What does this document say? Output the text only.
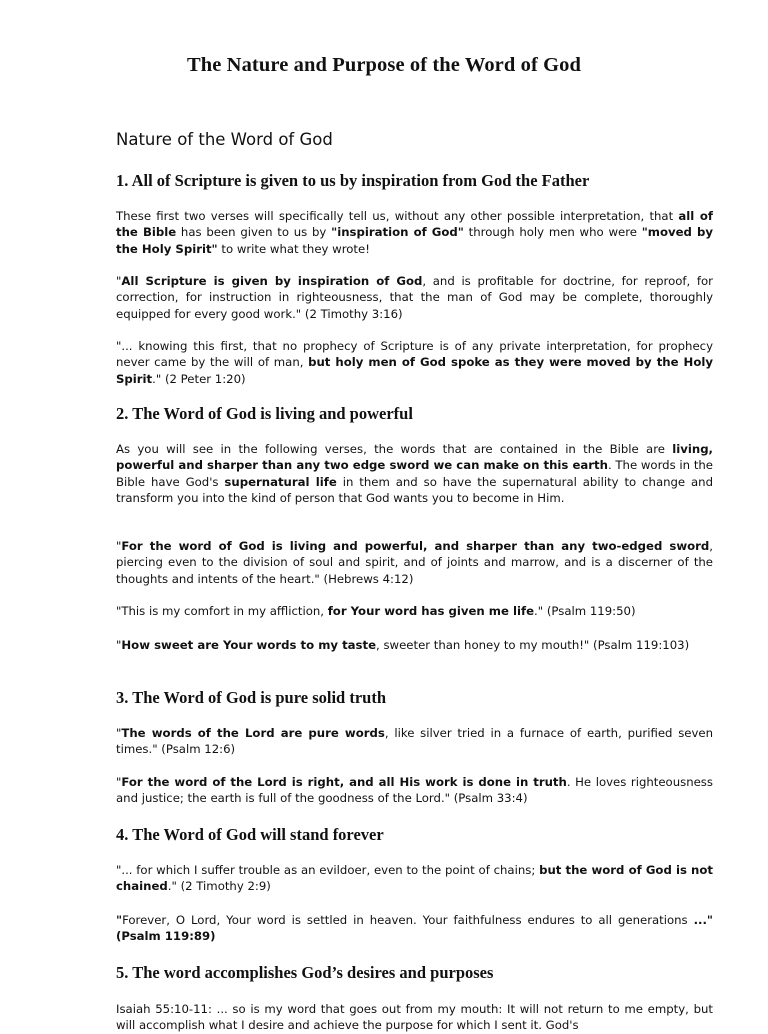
The Nature and Purpose of the Word of God
Nature of the Word of God
1. All of Scripture is given to us by inspiration from God the Father

These first two verses will specifically tell us, without any other possible interpretation, that all of the Bible has been given to us by "inspiration of God" through holy men who were "moved by the Holy Spirit" to write what they wrote!

"All Scripture is given by inspiration of God, and is profitable for doctrine, for reproof, for correction, for instruction in righteousness, that the man of God may be complete, thoroughly equipped for every good work." (2 Timothy 3:16)

"... knowing this first, that no prophecy of Scripture is of any private interpretation, for prophecy never came by the will of man, but holy men of God spoke as they were moved by the Holy Spirit." (2 Peter 1:20)

2. The Word of God is living and powerful

As you will see in the following verses, the words that are contained in the Bible are living, powerful and sharper than any two edge sword we can make on this earth. The words in the Bible have God's supernatural life in them and so have the supernatural ability to change and transform you into the kind of person that God wants you to become in Him.

"For the word of God is living and powerful, and sharper than any two-edged sword, piercing even to the division of soul and spirit, and of joints and marrow, and is a discerner of the thoughts and intents of the heart." (Hebrews 4:12)

"This is my comfort in my affliction, for Your word has given me life." (Psalm 119:50)

"How sweet are Your words to my taste, sweeter than honey to my mouth!" (Psalm 119:103)

3. The Word of God is pure solid truth

"The words of the Lord are pure words, like silver tried in a furnace of earth, purified seven times." (Psalm 12:6)

"For the word of the Lord is right, and all His work is done in truth. He loves righteousness and justice; the earth is full of the goodness of the Lord." (Psalm 33:4)

4. The Word of God will stand forever

"... for which I suffer trouble as an evildoer, even to the point of chains; but the word of God is not chained." (2 Timothy 2:9)

"Forever, O Lord, Your word is settled in heaven. Your faithfulness endures to all generations ..." (Psalm 119:89)

5. The word accomplishes God’s desires and purposes

Isaiah 55:10-11: ... so is my word that goes out from my mouth: It will not return to me empty, but will accomplish what I desire and achieve the purpose for which I sent it. God's
